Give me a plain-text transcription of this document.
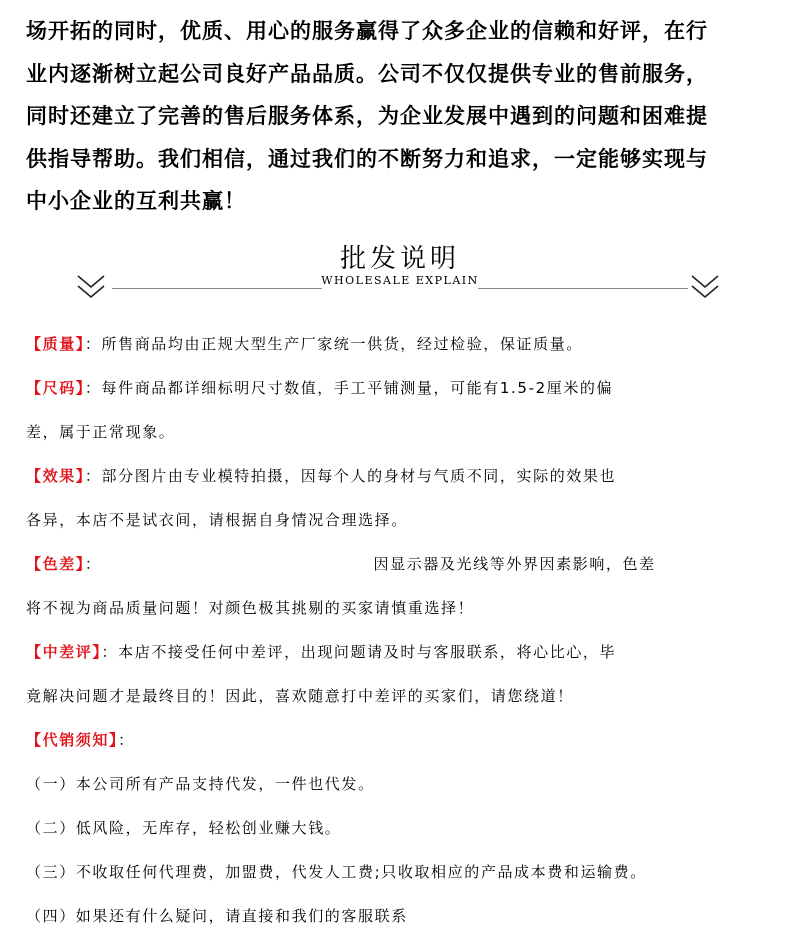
场开拓的同时，优质、用心的服务赢得了众多企业的信赖和好评，在行

业内逐渐树立起公司良好产品品质。公司不仅仅提供专业的售前服务，

同时还建立了完善的售后服务体系，为企业发展中遇到的问题和困难提

供指导帮助。我们相信，通过我们的不断努力和追求，一定能够实现与

中小企业的互利共赢！

批发说明
WHOLESALE EXPLAIN

【质量】：所售商品均由正规大型生产厂家统一供货，经过检验，保证质量。

【尺码】：每件商品都详细标明尺寸数值，手工平铺测量，可能有1.5-2厘米的偏

差，属于正常现象。

【效果】：部分图片由专业模特拍摄，因每个人的身材与气质不同，实际的效果也

各异，本店不是试衣间，请根据自身情况合理选择。

【色差】：	因显示器及光线等外界因素影响，色差

将不视为商品质量问题！对颜色极其挑剔的买家请慎重选择！

【中差评】：本店不接受任何中差评，出现问题请及时与客服联系，将心比心，毕

竟解决问题才是最终目的！因此，喜欢随意打中差评的买家们，请您绕道！

【代销须知】：

（一）本公司所有产品支持代发，一件也代发。

（二）低风险，无库存，轻松创业赚大钱。

（三）不收取任何代理费，加盟费，代发人工费;只收取相应的产品成本费和运输费。

（四）如果还有什么疑问，请直接和我们的客服联系
